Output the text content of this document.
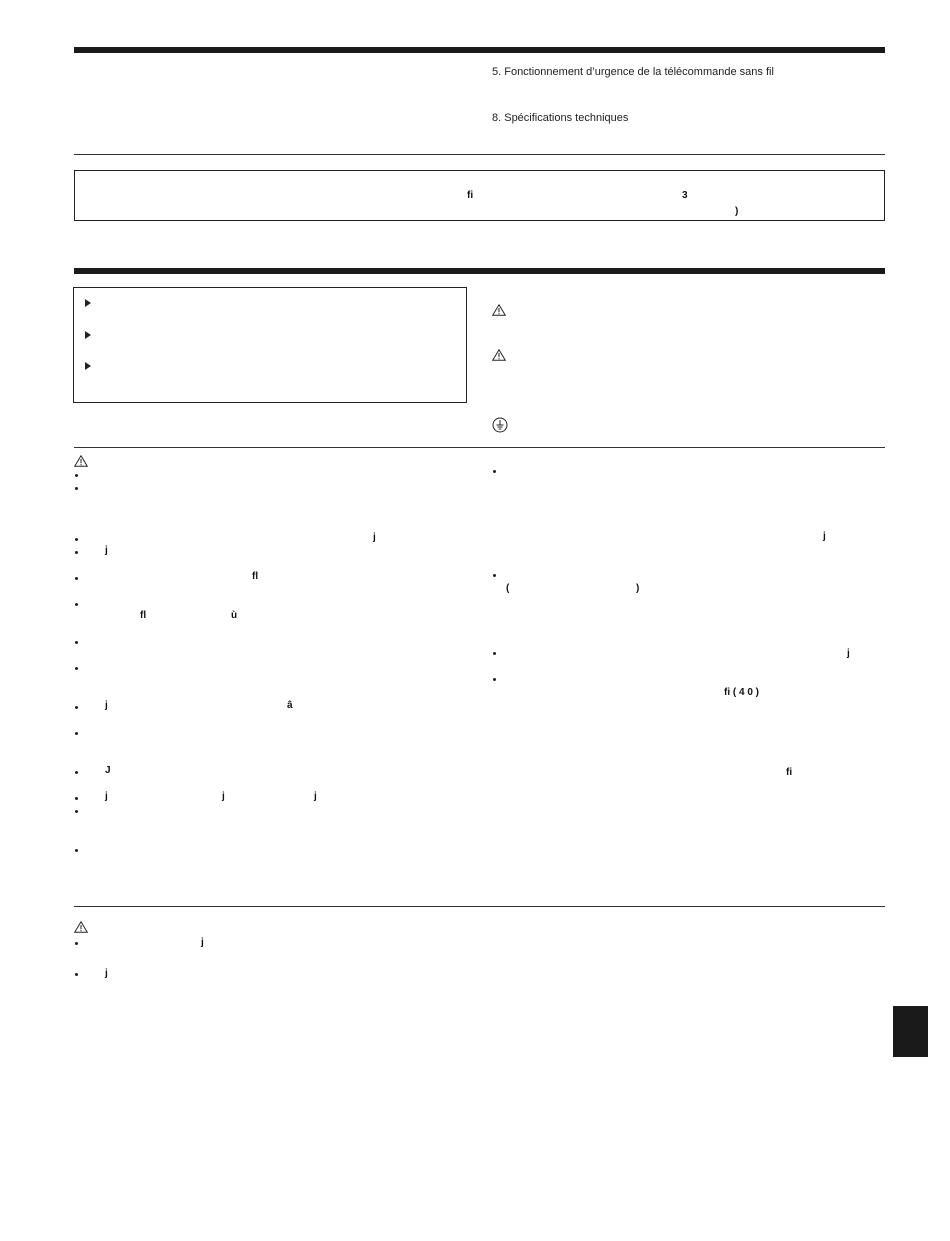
5. Fonctionnement d’urgence de la télécommande sans fil
8. Spécifications techniques
fi	3
)
j
j
fl
fl	ù
j	â
J
j	j	j
j
(	)
j
fi ( 4 0 )
fi
j
j
